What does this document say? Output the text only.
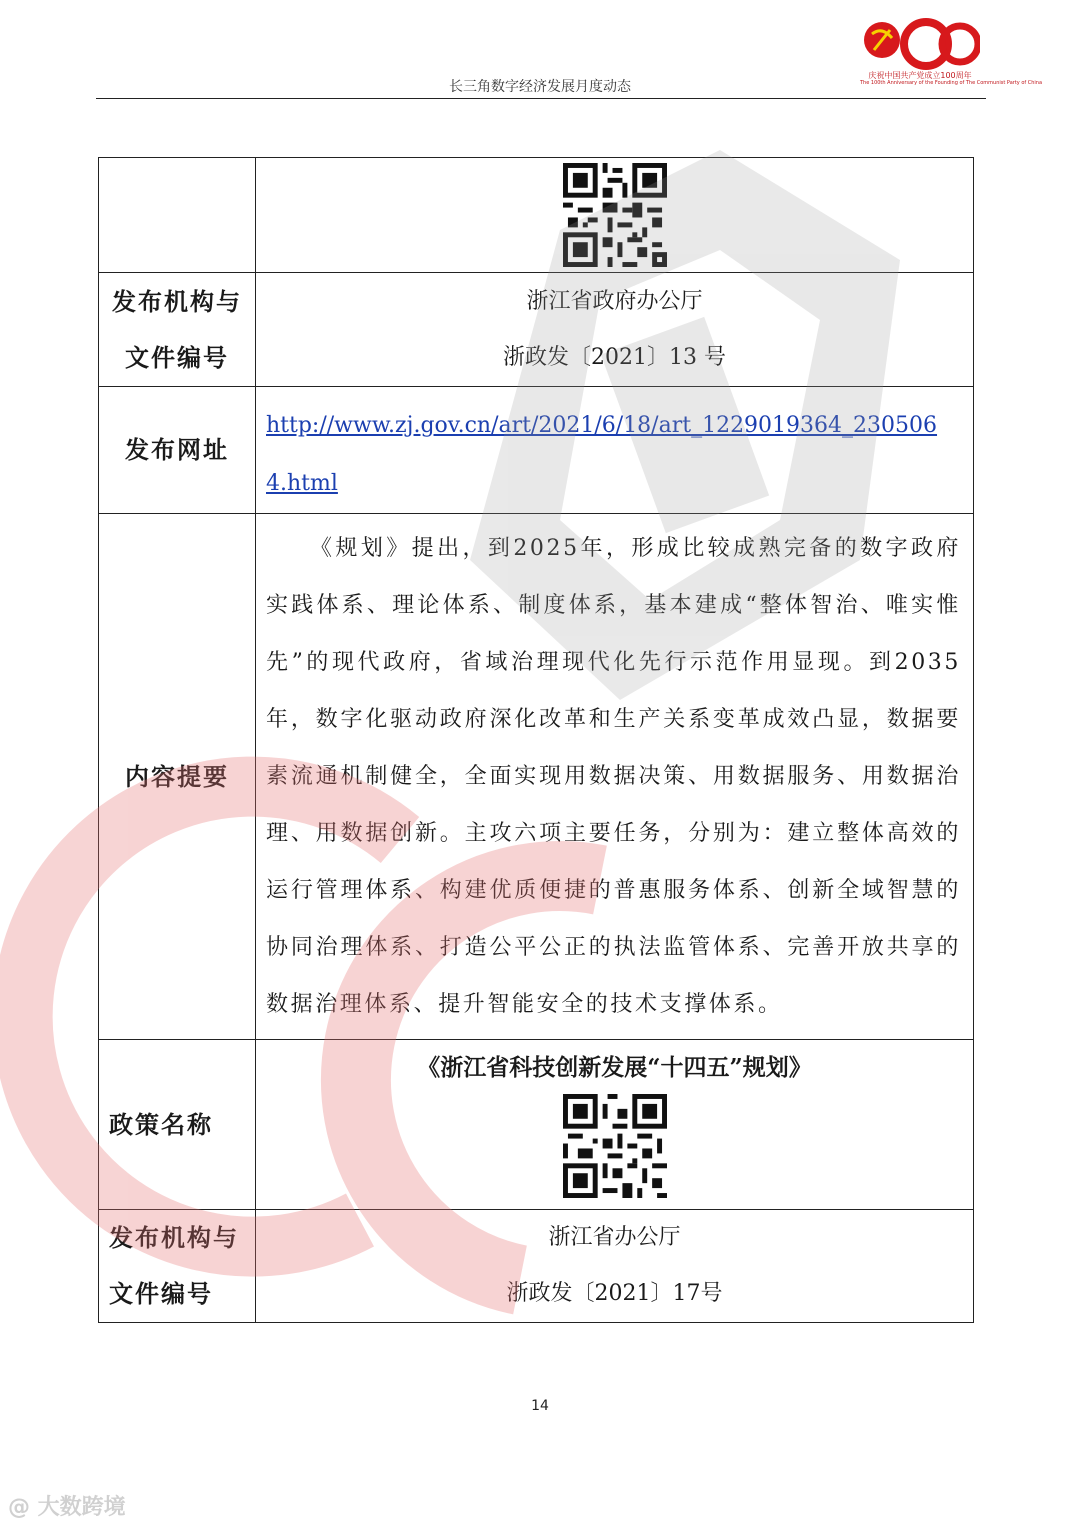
庆祝中国共产党成立100周年
The 100th Anniversary of the Founding of The Communist Party of China
长三角数字经济发展月度动态

发布机构与
文件编号	浙江省政府办公厅
浙政发〔2021〕13 号

发布网址	http://www.zj.gov.cn/art/2021/6/18/art_1229019364_2305064.html

内容提要	《规划》提出，到2025年，形成比较成熟完备的数字政府实践体系、理论体系、制度体系，基本建成“整体智治、唯实惟先”的现代政府，省域治理现代化先行示范作用显现。到2035年，数字化驱动政府深化改革和生产关系变革成效凸显，数据要素流通机制健全，全面实现用数据决策、用数据服务、用数据治理、用数据创新。主攻六项主要任务，分别为：建立整体高效的运行管理体系、构建优质便捷的普惠服务体系、创新全域智慧的协同治理体系、打造公平公正的执法监管体系、完善开放共享的数据治理体系、提升智能安全的技术支撑体系。

政策名称	《浙江省科技创新发展“十四五”规划》

发布机构与
文件编号	浙江省办公厅
浙政发〔2021〕17号
14
@ 大数跨境
